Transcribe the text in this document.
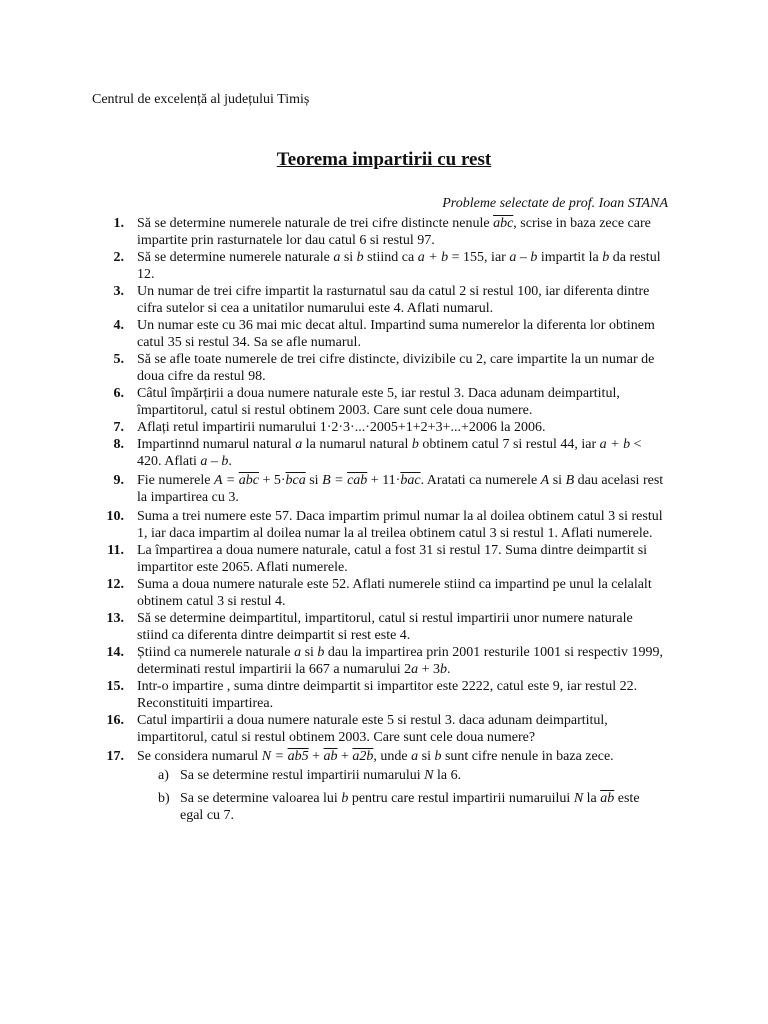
Centrul de excelență al județului Timiș
Teorema impartirii cu rest
Probleme selectate de prof. Ioan STANA
1. Să se determine numerele naturale de trei cifre distincte nenule $\overline{abc}$, scrise in baza zece care impartite prin rasturnatele lor dau catul 6 si restul 97.
2. Să se determine numerele naturale a si b stiind ca a + b = 155, iar a – b impartit la b da restul 12.
3. Un numar de trei cifre impartit la rasturnatul sau da catul 2 si restul 100, iar diferenta dintre cifra sutelor si cea a unitatilor numarului este 4. Aflati numarul.
4. Un numar este cu 36 mai mic decat altul. Impartind suma numerelor la diferenta lor obtinem catul 35 si restul 34. Sa se afle numarul.
5. Să se afle toate numerele de trei cifre distincte, divizibile cu 2, care impartite la un numar de doua cifre da restul 98.
6. Câtul împărțirii a doua numere naturale este 5, iar restul 3. Daca adunam deimpartitul, împartitorul, catul si restul obtinem 2003. Care sunt cele doua numere.
7. Aflați retul impartirii numarului 1·2·3·...·2005+1+2+3+...+2006 la 2006.
8. Impartinnd numarul natural a la numarul natural b obtinem catul 7 si restul 44, iar a + b < 420. Aflati a – b.
9. Fie numerele $A = \overline{abc} + 5\cdot\overline{bca}$ si $B = \overline{cab} + 11\cdot\overline{bac}$. Aratati ca numerele A si B dau acelasi rest la impartirea cu 3.
10. Suma a trei numere este 57. Daca impartim primul numar la al doilea obtinem catul 3 si restul 1, iar daca impartim al doilea numar la al treilea obtinem catul 3 si restul 1. Aflati numerele.
11. La împartirea a doua numere naturale, catul a fost 31 si restul 17. Suma dintre deimpartit si impartitor este 2065. Aflati numerele.
12. Suma a doua numere naturale este 52. Aflati numerele stiind ca impartind pe unul la celalalt obtinem catul 3 si restul 4.
13. Să se determine deimpartitul, impartitorul, catul si restul impartirii unor numere naturale stiind ca diferenta dintre deimpartit si rest este 4.
14. Știind ca numerele naturale a si b dau la impartirea prin 2001 resturile 1001 si respectiv 1999, determinati restul impartirii la 667 a numarului 2a + 3b.
15. Intr-o impartire , suma dintre deimpartit si impartitor este 2222, catul este 9, iar restul 22. Reconstituiti impartirea.
16. Catul impartirii a doua numere naturale este 5 si restul 3. daca adunam deimpartitul, impartitorul, catul si restul obtinem 2003. Care sunt cele doua numere?
17. Se considera numarul $N = ab5 + \overline{ab} + a2b$, unde a si b sunt cifre nenule in baza zece.
a) Sa se determine restul impartirii numarului N la 6.
b) Sa se determine valoarea lui b pentru care restul impartirii numaruilui N la $\overline{ab}$ este egal cu 7.
